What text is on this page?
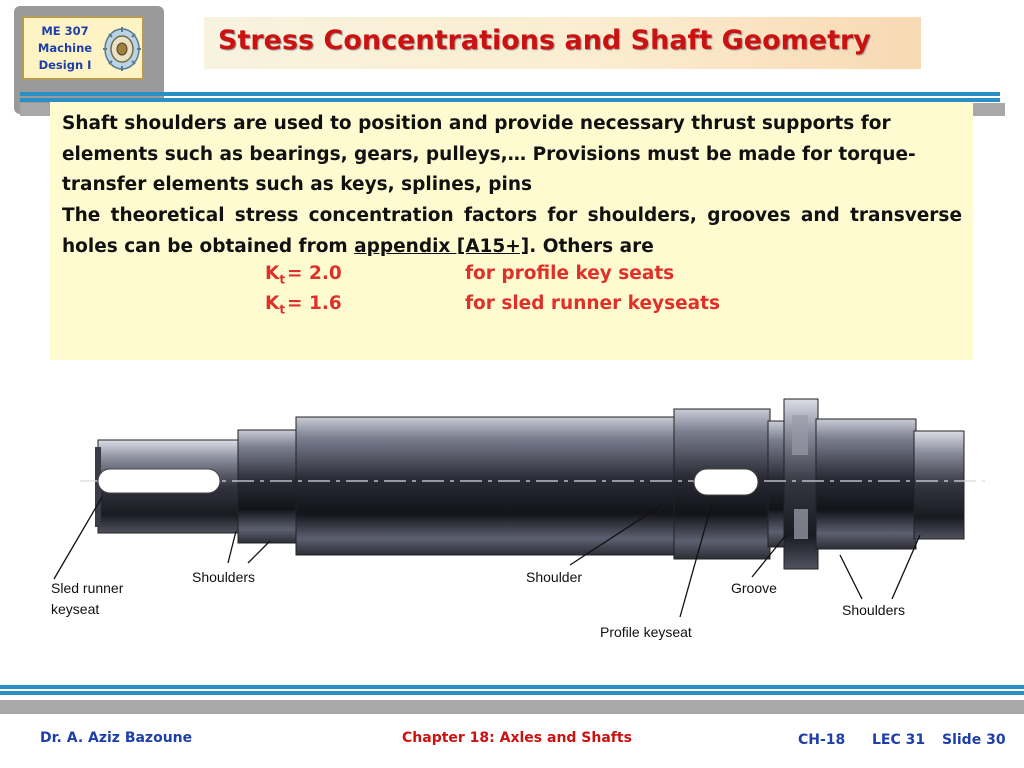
ME 307
Machine
Design I
Stress Concentrations and Shaft Geometry
Shaft shoulders are used to position and provide necessary thrust supports for elements such as bearings, gears, pulleys,… Provisions must be made for torque-transfer elements such as keys, splines, pins
The theoretical stress concentration factors for shoulders, grooves and transverse holes can be obtained from appendix [A15+]. Others are
$K_t = 2.0$	for profile key seats
$K_t = 1.6$	for sled runner keyseats
Sled runner
keyseat
Shoulders	Shoulder
Groove
Shoulders
Profile keyseat
Dr. A. Aziz Bazoune	Chapter 18: Axles and Shafts	CH-18 LEC 31 Slide 30
